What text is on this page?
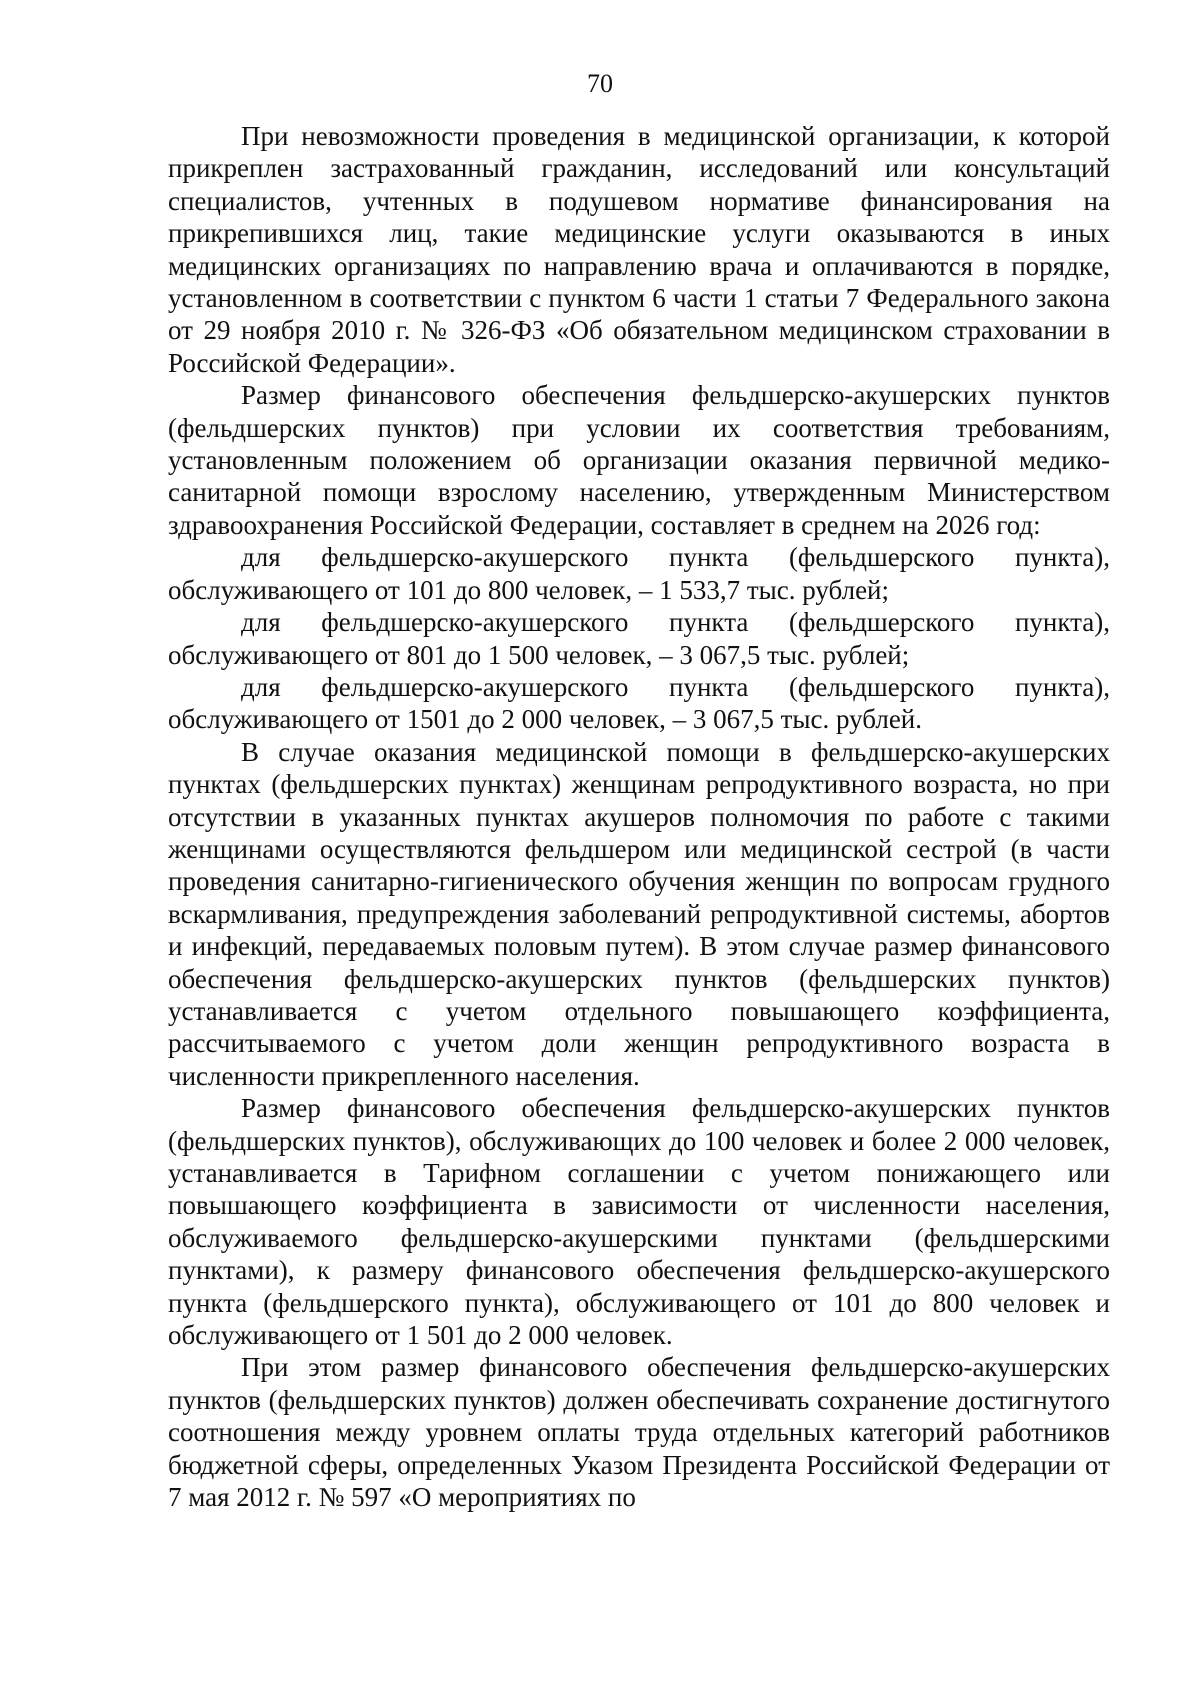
70

При невозможности проведения в медицинской организации, к которой прикреплен застрахованный гражданин, исследований или консультаций специалистов, учтенных в подушевом нормативе финансирования на прикрепившихся лиц, такие медицинские услуги оказываются в иных медицинских организациях по направлению врача и оплачиваются в порядке, установленном в соответствии с пунктом 6 части 1 статьи 7 Федерального закона от 29 ноября 2010 г. № 326-ФЗ «Об обязательном медицинском страховании в Российской Федерации».

Размер финансового обеспечения фельдшерско-акушерских пунктов (фельдшерских пунктов) при условии их соответствия требованиям, установленным положением об организации оказания первичной медико-санитарной помощи взрослому населению, утвержденным Министерством здравоохранения Российской Федерации, составляет в среднем на 2026 год:

для фельдшерско-акушерского пункта (фельдшерского пункта), обслуживающего от 101 до 800 человек, – 1 533,7 тыс. рублей;

для фельдшерско-акушерского пункта (фельдшерского пункта), обслуживающего от 801 до 1 500 человек, – 3 067,5 тыс. рублей;

для фельдшерско-акушерского пункта (фельдшерского пункта), обслуживающего от 1501 до 2 000 человек, – 3 067,5 тыс. рублей.

В случае оказания медицинской помощи в фельдшерско-акушерских пунктах (фельдшерских пунктах) женщинам репродуктивного возраста, но при отсутствии в указанных пунктах акушеров полномочия по работе с такими женщинами осуществляются фельдшером или медицинской сестрой (в части проведения санитарно-гигиенического обучения женщин по вопросам грудного вскармливания, предупреждения заболеваний репродуктивной системы, абортов и инфекций, передаваемых половым путем). В этом случае размер финансового обеспечения фельдшерско-акушерских пунктов (фельдшерских пунктов) устанавливается с учетом отдельного повышающего коэффициента, рассчитываемого с учетом доли женщин репродуктивного возраста в численности прикрепленного населения.

Размер финансового обеспечения фельдшерско-акушерских пунктов (фельдшерских пунктов), обслуживающих до 100 человек и более 2 000 человек, устанавливается в Тарифном соглашении с учетом понижающего или повышающего коэффициента в зависимости от численности населения, обслуживаемого фельдшерско-акушерскими пунктами (фельдшерскими пунктами), к размеру финансового обеспечения фельдшерско-акушерского пункта (фельдшерского пункта), обслуживающего от 101 до 800 человек и обслуживающего от 1 501 до 2 000 человек.

При этом размер финансового обеспечения фельдшерско-акушерских пунктов (фельдшерских пунктов) должен обеспечивать сохранение достигнутого соотношения между уровнем оплаты труда отдельных категорий работников бюджетной сферы, определенных Указом Президента Российской Федерации от 7 мая 2012 г. № 597 «О мероприятиях по
